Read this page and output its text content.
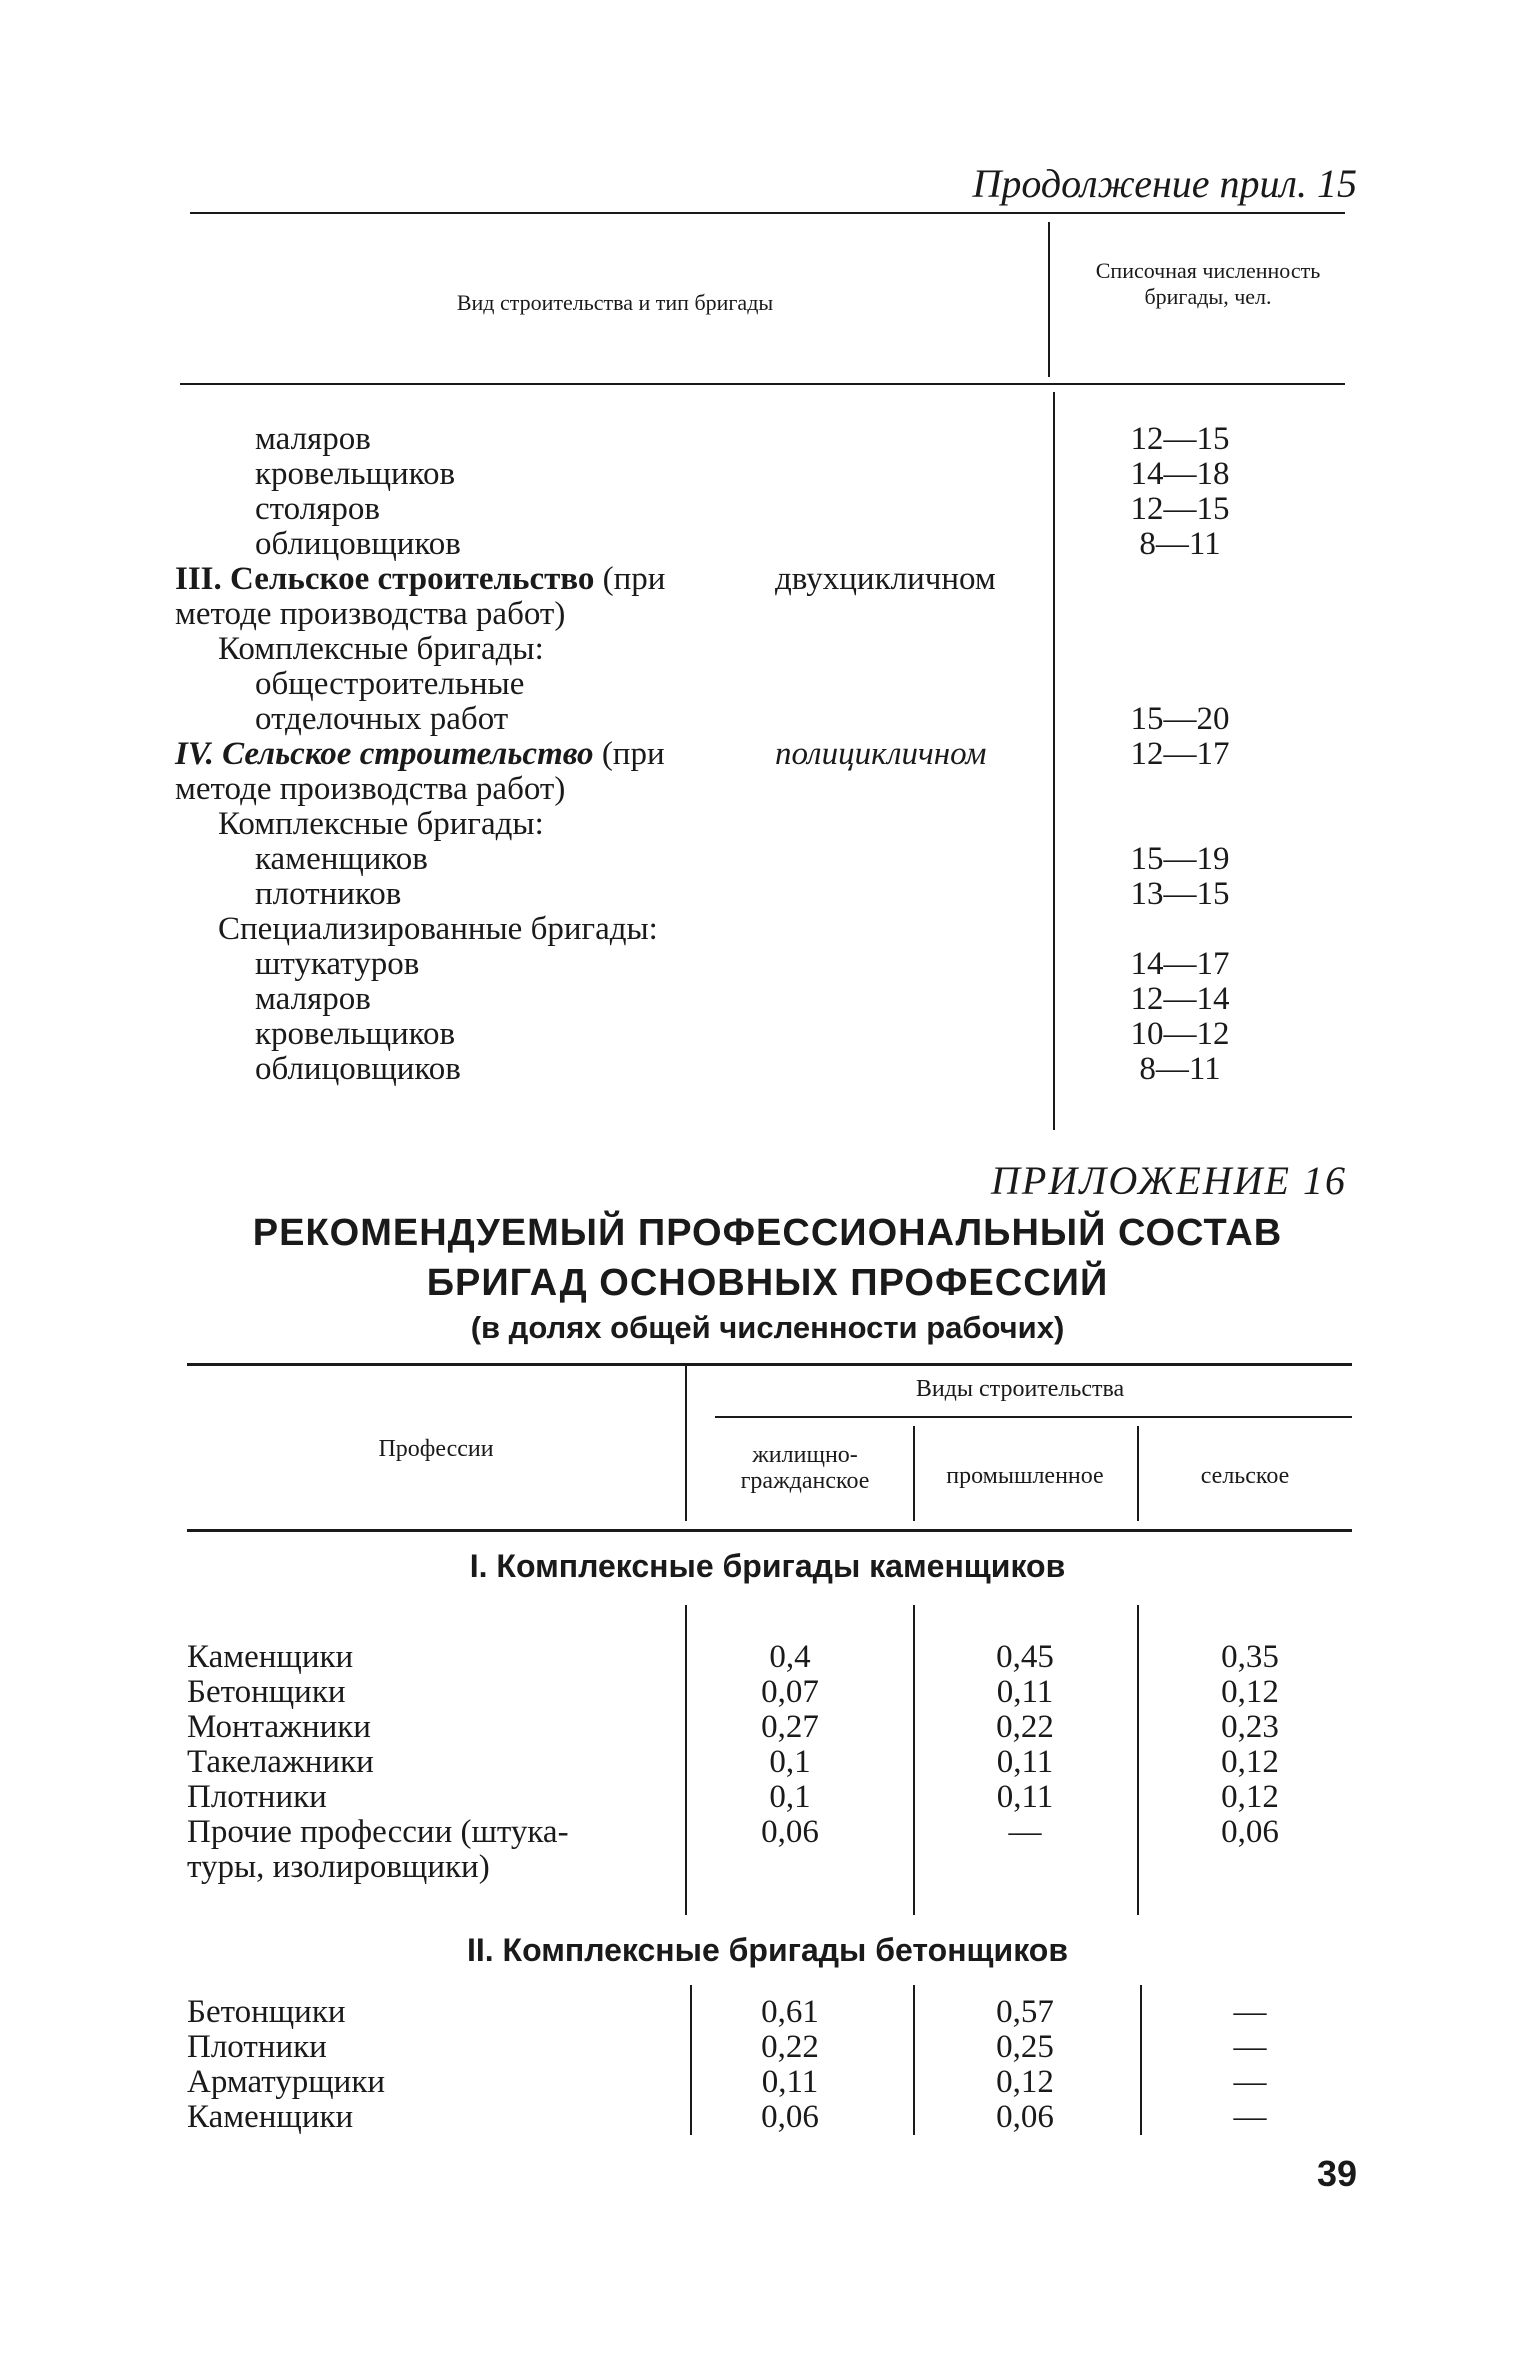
Продолжение прил. 15
Вид строительства и тип бригады
Списочная численность бригады, чел.
маляров	12—15
кровельщиков	14—18
столяров	12—15
облицовщиков	8—11
III. Сельское строительство (при	двухцикличном
методе производства работ)
Комплексные бригады:
общестроительные
отделочных работ	15—20
IV. Сельское строительство (при	полицикличном	12—17
методе производства работ)
Комплексные бригады:
каменщиков	15—19
плотников	13—15
Специализированные бригады:
штукатуров	14—17
маляров	12—14
кровельщиков	10—12
облицовщиков	8—11
ПРИЛОЖЕНИЕ 16
РЕКОМЕНДУЕМЫЙ ПРОФЕССИОНАЛЬНЫЙ СОСТАВ
БРИГАД ОСНОВНЫХ ПРОФЕССИЙ
(в долях общей численности рабочих)
Профессии
Виды строительства
жилищно-гражданское	промышленное	сельское
I. Комплексные бригады каменщиков
Каменщики	0,4	0,45	0,35
Бетонщики	0,07	0,11	0,12
Монтажники	0,27	0,22	0,23
Такелажники	0,1	0,11	0,12
Плотники	0,1	0,11	0,12
Прочие профессии (штука-	0,06	—	0,06
туры, изолировщики)
II. Комплексные бригады бетонщиков
Бетонщики	0,61	0,57	—
Плотники	0,22	0,25	—
Арматурщики	0,11	0,12	—
Каменщики	0,06	0,06	—
39
